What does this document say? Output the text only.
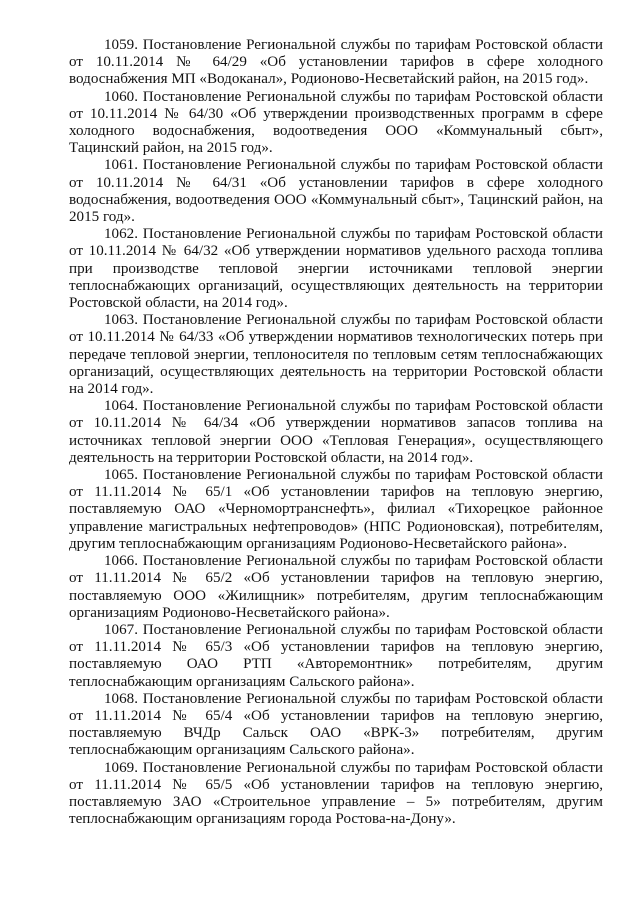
1059. Постановление Региональной службы по тарифам Ростовской области от 10.11.2014 № 64/29 «Об установлении тарифов в сфере холодного водоснабжения МП «Водоканал», Родионово-Несветайский район, на 2015 год».

1060. Постановление Региональной службы по тарифам Ростовской области от 10.11.2014 № 64/30 «Об утверждении производственных программ в сфере холодного водоснабжения, водоотведения ООО «Коммунальный сбыт», Тацинский район, на 2015 год».

1061. Постановление Региональной службы по тарифам Ростовской области от 10.11.2014 № 64/31 «Об установлении тарифов в сфере холодного водоснабжения, водоотведения ООО «Коммунальный сбыт», Тацинский район, на 2015 год».

1062. Постановление Региональной службы по тарифам Ростовской области от 10.11.2014 № 64/32 «Об утверждении нормативов удельного расхода топлива при производстве тепловой энергии источниками тепловой энергии теплоснабжающих организаций, осуществляющих деятельность на территории Ростовской области, на 2014 год».

1063. Постановление Региональной службы по тарифам Ростовской области от 10.11.2014 № 64/33 «Об утверждении нормативов технологических потерь при передаче тепловой энергии, теплоносителя по тепловым сетям теплоснабжающих организаций, осуществляющих деятельность на территории Ростовской области на 2014 год».

1064. Постановление Региональной службы по тарифам Ростовской области от 10.11.2014 № 64/34 «Об утверждении нормативов запасов топлива на источниках тепловой энергии ООО «Тепловая Генерация», осуществляющего деятельность на территории Ростовской области, на 2014 год».

1065. Постановление Региональной службы по тарифам Ростовской области от 11.11.2014 № 65/1 «Об установлении тарифов на тепловую энергию, поставляемую ОАО «Черномортранснефть», филиал «Тихорецкое районное управление магистральных нефтепроводов» (НПС Родионовская), потребителям, другим теплоснабжающим организациям Родионово-Несветайского района».

1066. Постановление Региональной службы по тарифам Ростовской области от 11.11.2014 № 65/2 «Об установлении тарифов на тепловую энергию, поставляемую ООО «Жилищник» потребителям, другим теплоснабжающим организациям Родионово-Несветайского района».

1067. Постановление Региональной службы по тарифам Ростовской области от 11.11.2014 № 65/3 «Об установлении тарифов на тепловую энергию, поставляемую ОАО РТП «Авторемонтник» потребителям, другим теплоснабжающим организациям Сальского района».

1068. Постановление Региональной службы по тарифам Ростовской области от 11.11.2014 № 65/4 «Об установлении тарифов на тепловую энергию, поставляемую ВЧДр Сальск ОАО «ВРК-3» потребителям, другим теплоснабжающим организациям Сальского района».

1069. Постановление Региональной службы по тарифам Ростовской области от 11.11.2014 № 65/5 «Об установлении тарифов на тепловую энергию, поставляемую ЗАО «Строительное управление – 5» потребителям, другим теплоснабжающим организациям города Ростова-на-Дону».
